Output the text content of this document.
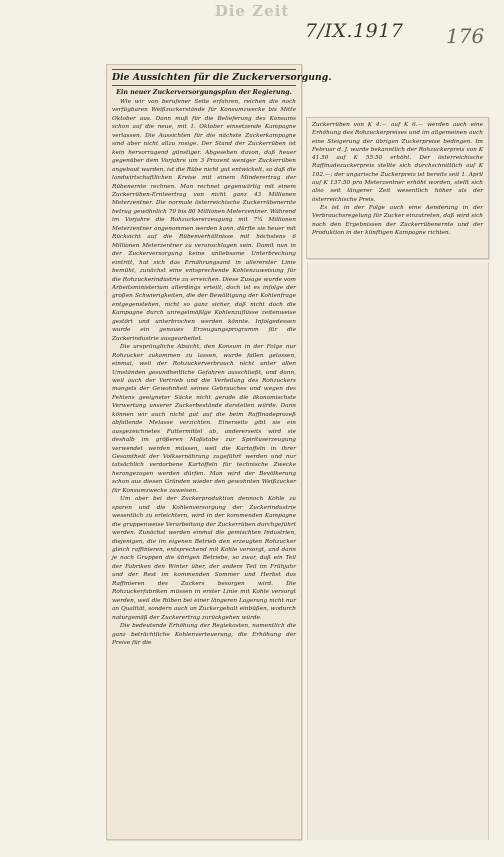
Die Zeit
7/IX.1917 176
Die Aussichten für die Zuckerversorgung.
Ein neuer Zuckerversorgungsplan der Regierung.

Wie wir von berufener Seite erfahren, reichen die noch verfügbaren Weißzuckerstände für Konsumzwecke bis Mitte Oktober aus. Dann muß für die Belieferung des Konsums schon auf die neue, mit 1. Oktober einsetzende Kampagne verlassen. Die Aussichten für die nächste Zuckerkampagne sind aber nicht allzu rosige. Der Stand der Zuckerrüben ist kein hervorragend günstiger. Abgesehen davon, daß heuer gegenüber dem Vorjahre um 3 Prozent weniger Zuckerrüben angebaut wurden, ist die Rübe nicht gut entwickelt, so daß die landwirtschaftlichen Kreise mit einem Minderertrag der Rübenernte rechnen. Man rechnet gegenwärtig mit einem Zuckerrüben-Ernteertrag von nicht ganz 43 Millionen Meterzentner. Die normale österreichische Zuckerrübenernte betrug gewöhnlich 70 bis 80 Millionen Meterzentner. Während im Vorjahre die Rohzuckererzeugung mit 7¼ Millionen Meterzentner angenommen werden kann, dürfte sie heuer mit Rücksicht auf die Rübenverhältnisse mit höchstens 6 Millionen Meterzentner zu veranschlagen sein. Damit nun in der Zuckerversorgung keine unliebsame Unterbrechung eintritt, hat sich das Ernährungsamt in allererster Linie bemüht, zunächst eine entsprechende Kohlenzuweisung für die Rohzuckerindustrie zu erreichen. Diese Zusage wurde vom Arbeitsministerium allerdings erteilt, doch ist es infolge der großen Schwierigkeiten, die der Bewältigung der Kohlenfrage entgegenstehen, nicht so ganz sicher, daß nicht doch die Kampagne durch unregelmäßige Kohlenzuflüsse zeitenweise gestört und unterbrochen werden könnte. Infolgedessen wurde ein genaues Erzeugungsprogramm für die Zuckerindustrie ausgearbeitet.

Die ursprüngliche Absicht, den Konsum in der Folge nur Rohzucker zukommen zu lassen, wurde fallen gelassen, einmal, weil der Rohzuckerverbrauch nicht unter allen Umständen gesundheitliche Gefahren ausschließt, und dann, weil auch der Vertrieb und die Verteilung des Rohzuckers mangels der Gewohnheit seines Gebrauches und wegen des Fehlens geeigneter Säcke nicht gerade die ökonomischste Verwertung unserer Zuckerbestände darstellen würde. Dann können wir auch nicht gut auf die beim Raffinadeprozeß abfallende Melasse verzichten. Einerseits gibt sie ein ausgezeichnetes Futtermittel ab, andererseits wird sie deshalb im größeren Maßstabe zur Spirituserzeugung verwendet werden müssen, weil die Kartoffeln in ihrer Gesamtheit der Volksernährung zugeführt werden und nur tatsächlich verdorbene Kartoffeln für technische Zwecke herangezogen werden dürfen. Man wird der Bevölkerung schon aus diesen Gründen wieder den gewohnten Weißzucker für Konsumzwecke zuweisen.

Um aber bei der Zuckerproduktion dennoch Kohle zu sparen und die Kohlenversorgung der Zuckerindustrie wesentlich zu erleichtern, wird in der kommenden Kampagne die gruppenweise Verarbeitung der Zuckerrüben durchgeführt werden. Zunächst werden einmal die gemischten Industrien, diejenigen, die im eigenen Betrieb den erzeugten Rohzucker gleich raffinieren, entsprechend mit Kohle versorgt, und dann je nach Gruppen die übrigen Betriebe, so zwar, daß ein Teil der Fabriken den Winter über, der andere Teil im Frühjahr und der Rest im kommenden Sommer und Herbst das Raffinieren des Zuckers besorgen wird. Die Rohzuckerfabriken müssen in erster Linie mit Kohle versorgt werden, weil die Rüben bei einer längeren Lagerung nicht nur an Qualität, sondern auch an Zuckergehalt einbüßen, wodurch naturgemäß der Zuckerertrag zurückgehen würde.

Die bedeutende Erhöhung der Regiekosten, namentlich die ganz beträchtliche Kohlenverteuerung, die Erhöhung der Preise für die

Zuckerrüben von K 4.— auf K 6.— werden auch eine Erhöhung des Rohzuckerpreises und im allgemeinen auch eine Steigerung der übrigen Zuckerpreise bedingen. Im Februar d. J. wurde bekanntlich der Rohzuckerpreis von K 41.50 auf K 55.50 erhöht. Der österreichische Raffinadezuckerpreis stellte sich durchschnittlich auf K 102.—; der ungarische Zuckerpreis ist bereits seit 1. April auf K 137.50 pro Meterzentner erhöht worden, stellt sich also seit längerer Zeit wesentlich höher als der österreichische Preis.

Es ist in der Folge auch eine Aenderung in der Verbrauchsregelung für Zucker einzutreten, daß wird sich nach den Ergebnissen der Zuckerrübenernte und der Produktion in der künftigen Kampagne richten.
